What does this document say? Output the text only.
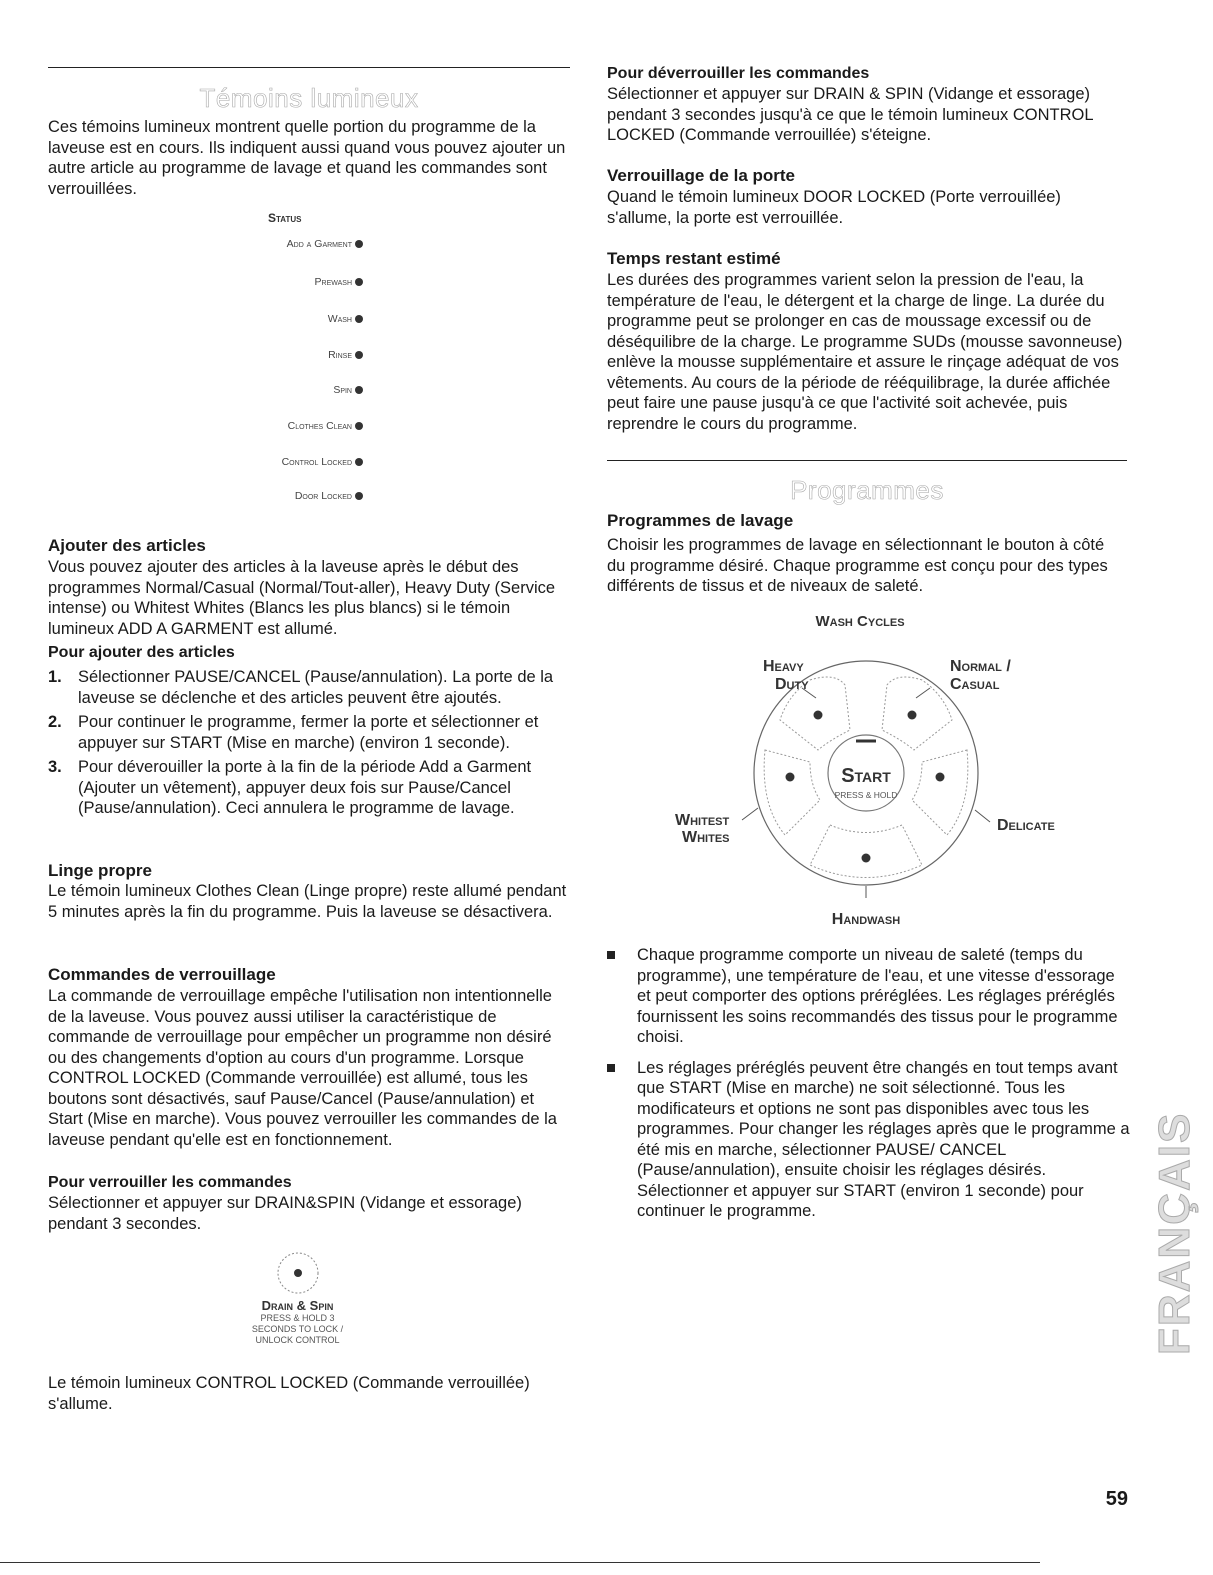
Témoins lumineux

Ces témoins lumineux montrent quelle portion du programme de la laveuse est en cours. Ils indiquent aussi quand vous pouvez ajouter un autre article au programme de lavage et quand les commandes sont verrouillées.

Status
Add a Garment
Prewash
Wash
Rinse
Spin
Clothes Clean
Control Locked
Door Locked
Ajouter des articles

Vous pouvez ajouter des articles à la laveuse après le début des programmes Normal/Casual (Normal/Tout-aller), Heavy Duty (Service intense) ou Whitest Whites (Blancs les plus blancs) si le témoin lumineux ADD A GARMENT est allumé.

Pour ajouter des articles
1. Sélectionner PAUSE/CANCEL (Pause/annulation). La porte de la laveuse se déclenche et des articles peuvent être ajoutés.
2. Pour continuer le programme, fermer la porte et sélectionner et appuyer sur START (Mise en marche) (environ 1 seconde).
3. Pour déverouiller la porte à la fin de la période Add a Garment (Ajouter un vêtement), appuyer deux fois sur Pause/Cancel (Pause/annulation). Ceci annulera le programme de lavage.
Linge propre

Le témoin lumineux Clothes Clean (Linge propre) reste allumé pendant 5 minutes après la fin du programme. Puis la laveuse se désactivera.

Commandes de verrouillage

La commande de verrouillage empêche l'utilisation non intentionnelle de la laveuse. Vous pouvez aussi utiliser la caractéristique de commande de verrouillage pour empêcher un programme non désiré ou des changements d'option au cours d'un programme. Lorsque CONTROL LOCKED (Commande verrouillée) est allumé, tous les boutons sont désactivés, sauf Pause/Cancel (Pause/annulation) et Start (Mise en marche). Vous pouvez verrouiller les commandes de la laveuse pendant qu'elle est en fonctionnement.

Pour verrouiller les commandes

Sélectionner et appuyer sur DRAIN&SPIN (Vidange et essorage) pendant 3 secondes.

Drain & Spin
PRESS & HOLD 3
SECONDS TO LOCK /
UNLOCK CONTROL

Le témoin lumineux CONTROL LOCKED (Commande verrouillée) s'allume.

Pour déverrouiller les commandes

Sélectionner et appuyer sur DRAIN & SPIN (Vidange et essorage) pendant 3 secondes jusqu'à ce que le témoin lumineux CONTROL LOCKED (Commande verrouillée) s'éteigne.

Verrouillage de la porte

Quand le témoin lumineux DOOR LOCKED (Porte verrouillée) s'allume, la porte est verrouillée.

Temps restant estimé

Les durées des programmes varient selon la pression de l'eau, la température de l'eau, le détergent et la charge de linge. La durée du programme peut se prolonger en cas de moussage excessif ou de déséquilibre de la charge. Le programme SUDs (mousse savonneuse) enlève la mousse supplémentaire et assure le rinçage adéquat de vos vêtements. Au cours de la période de rééquilibrage, la durée affichée peut faire une pause jusqu'à ce que l'activité soit achevée, puis reprendre le cours du programme.

Programmes
Programmes de lavage

Choisir les programmes de lavage en sélectionnant le bouton à côté du programme désiré. Chaque programme est conçu pour des types différents de tissus et de niveaux de saleté.

Wash Cycles
Start
PRESS & HOLD
Heavy
Duty
Normal /
Casual
Whitest
Whites
Delicate
Handwash
Chaque programme comporte un niveau de saleté (temps du programme), une température de l'eau, et une vitesse d'essorage et peut comporter des options préréglées. Les réglages préréglés fournissent les soins recommandés des tissus pour le programme choisi.
Les réglages préréglés peuvent être changés en tout temps avant que START (Mise en marche) ne soit sélectionné. Tous les modificateurs et options ne sont pas disponibles avec tous les programmes. Pour changer les réglages après que le programme a été mis en marche, sélectionner PAUSE/ CANCEL (Pause/annulation), ensuite choisir les réglages désirés. Sélectionner et appuyer sur START (environ 1 seconde) pour continuer le programme.	FRANÇAIS
59
